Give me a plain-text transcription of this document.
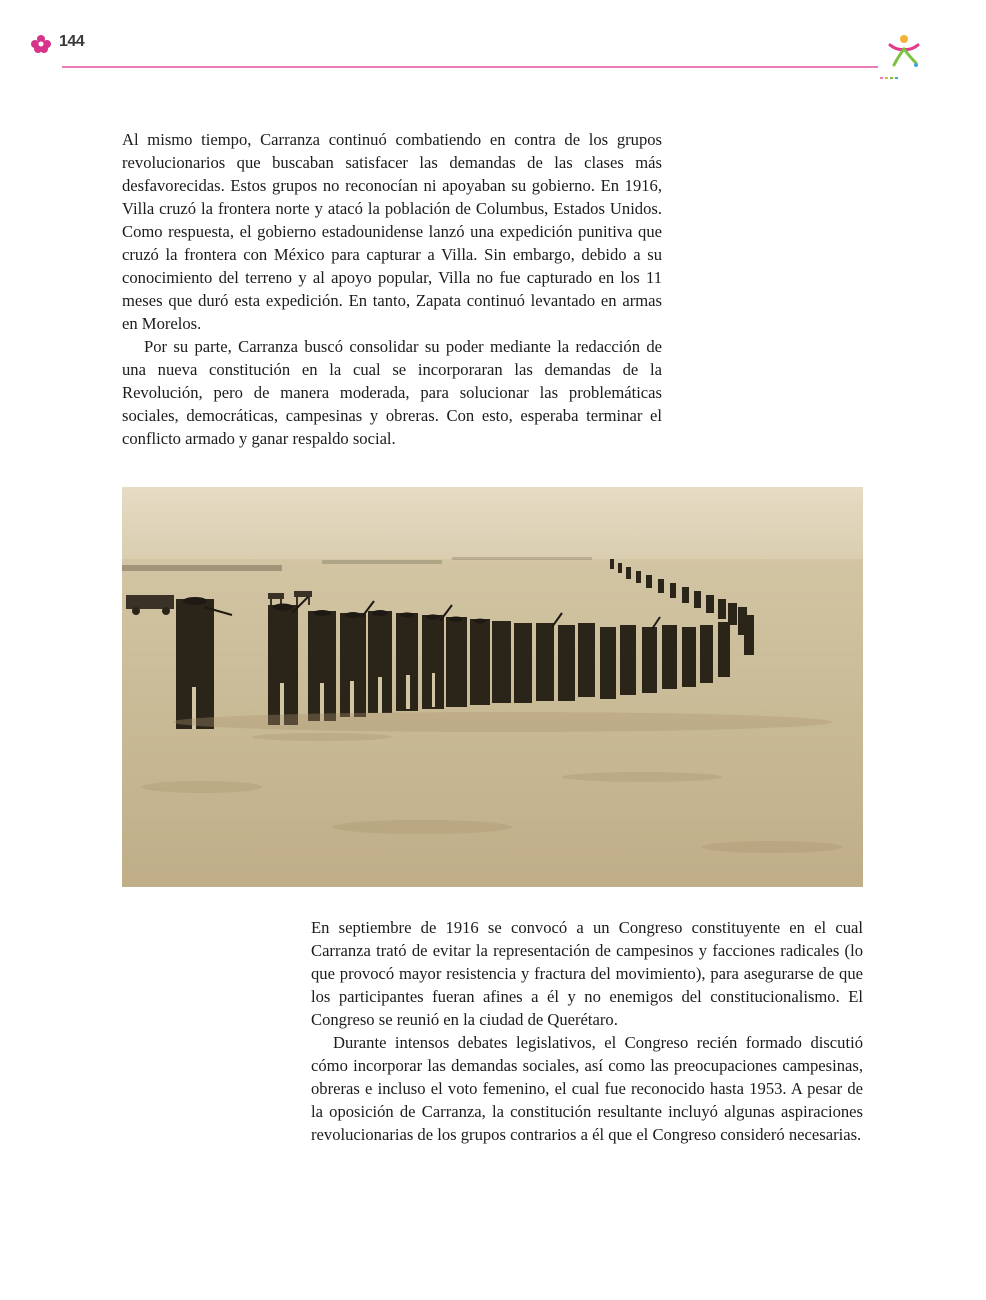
144

Al mismo tiempo, Carranza continuó combatiendo en contra de los grupos revolucionarios que buscaban satisfacer las demandas de las clases más desfavorecidas. Estos grupos no reconocían ni apoyaban su gobierno. En 1916, Villa cruzó la frontera norte y atacó la población de Columbus, Estados Unidos. Como respuesta, el gobierno estadounidense lanzó una expedición punitiva que cruzó la frontera con México para capturar a Villa. Sin embargo, debido a su conocimiento del terreno y al apoyo popular, Villa no fue capturado en los 11 meses que duró esta expedición. En tanto, Zapata continuó levantado en armas en Morelos.

Por su parte, Carranza buscó consolidar su poder mediante la redacción de una nueva constitución en la cual se incorporaran las demandas de la Revolución, pero de manera moderada, para solucionar las problemáticas sociales, democráticas, campesinas y obreras. Con esto, esperaba terminar el conflicto armado y ganar respaldo social.

En septiembre de 1916 se convocó a un Congreso constituyente en el cual Carranza trató de evitar la representación de campesinos y facciones radicales (lo que provocó mayor resistencia y fractura del movimiento), para asegurarse de que los participantes fueran afines a él y no enemigos del constitucionalismo. El Congreso se reunió en la ciudad de Querétaro.

Durante intensos debates legislativos, el Congreso recién formado discutió cómo incorporar las demandas sociales, así como las preocupaciones campesinas, obreras e incluso el voto femenino, el cual fue reconocido hasta 1953. A pesar de la oposición de Carranza, la constitución resultante incluyó algunas aspiraciones revolucionarias de los grupos contrarios a él que el Congreso consideró necesarias.
